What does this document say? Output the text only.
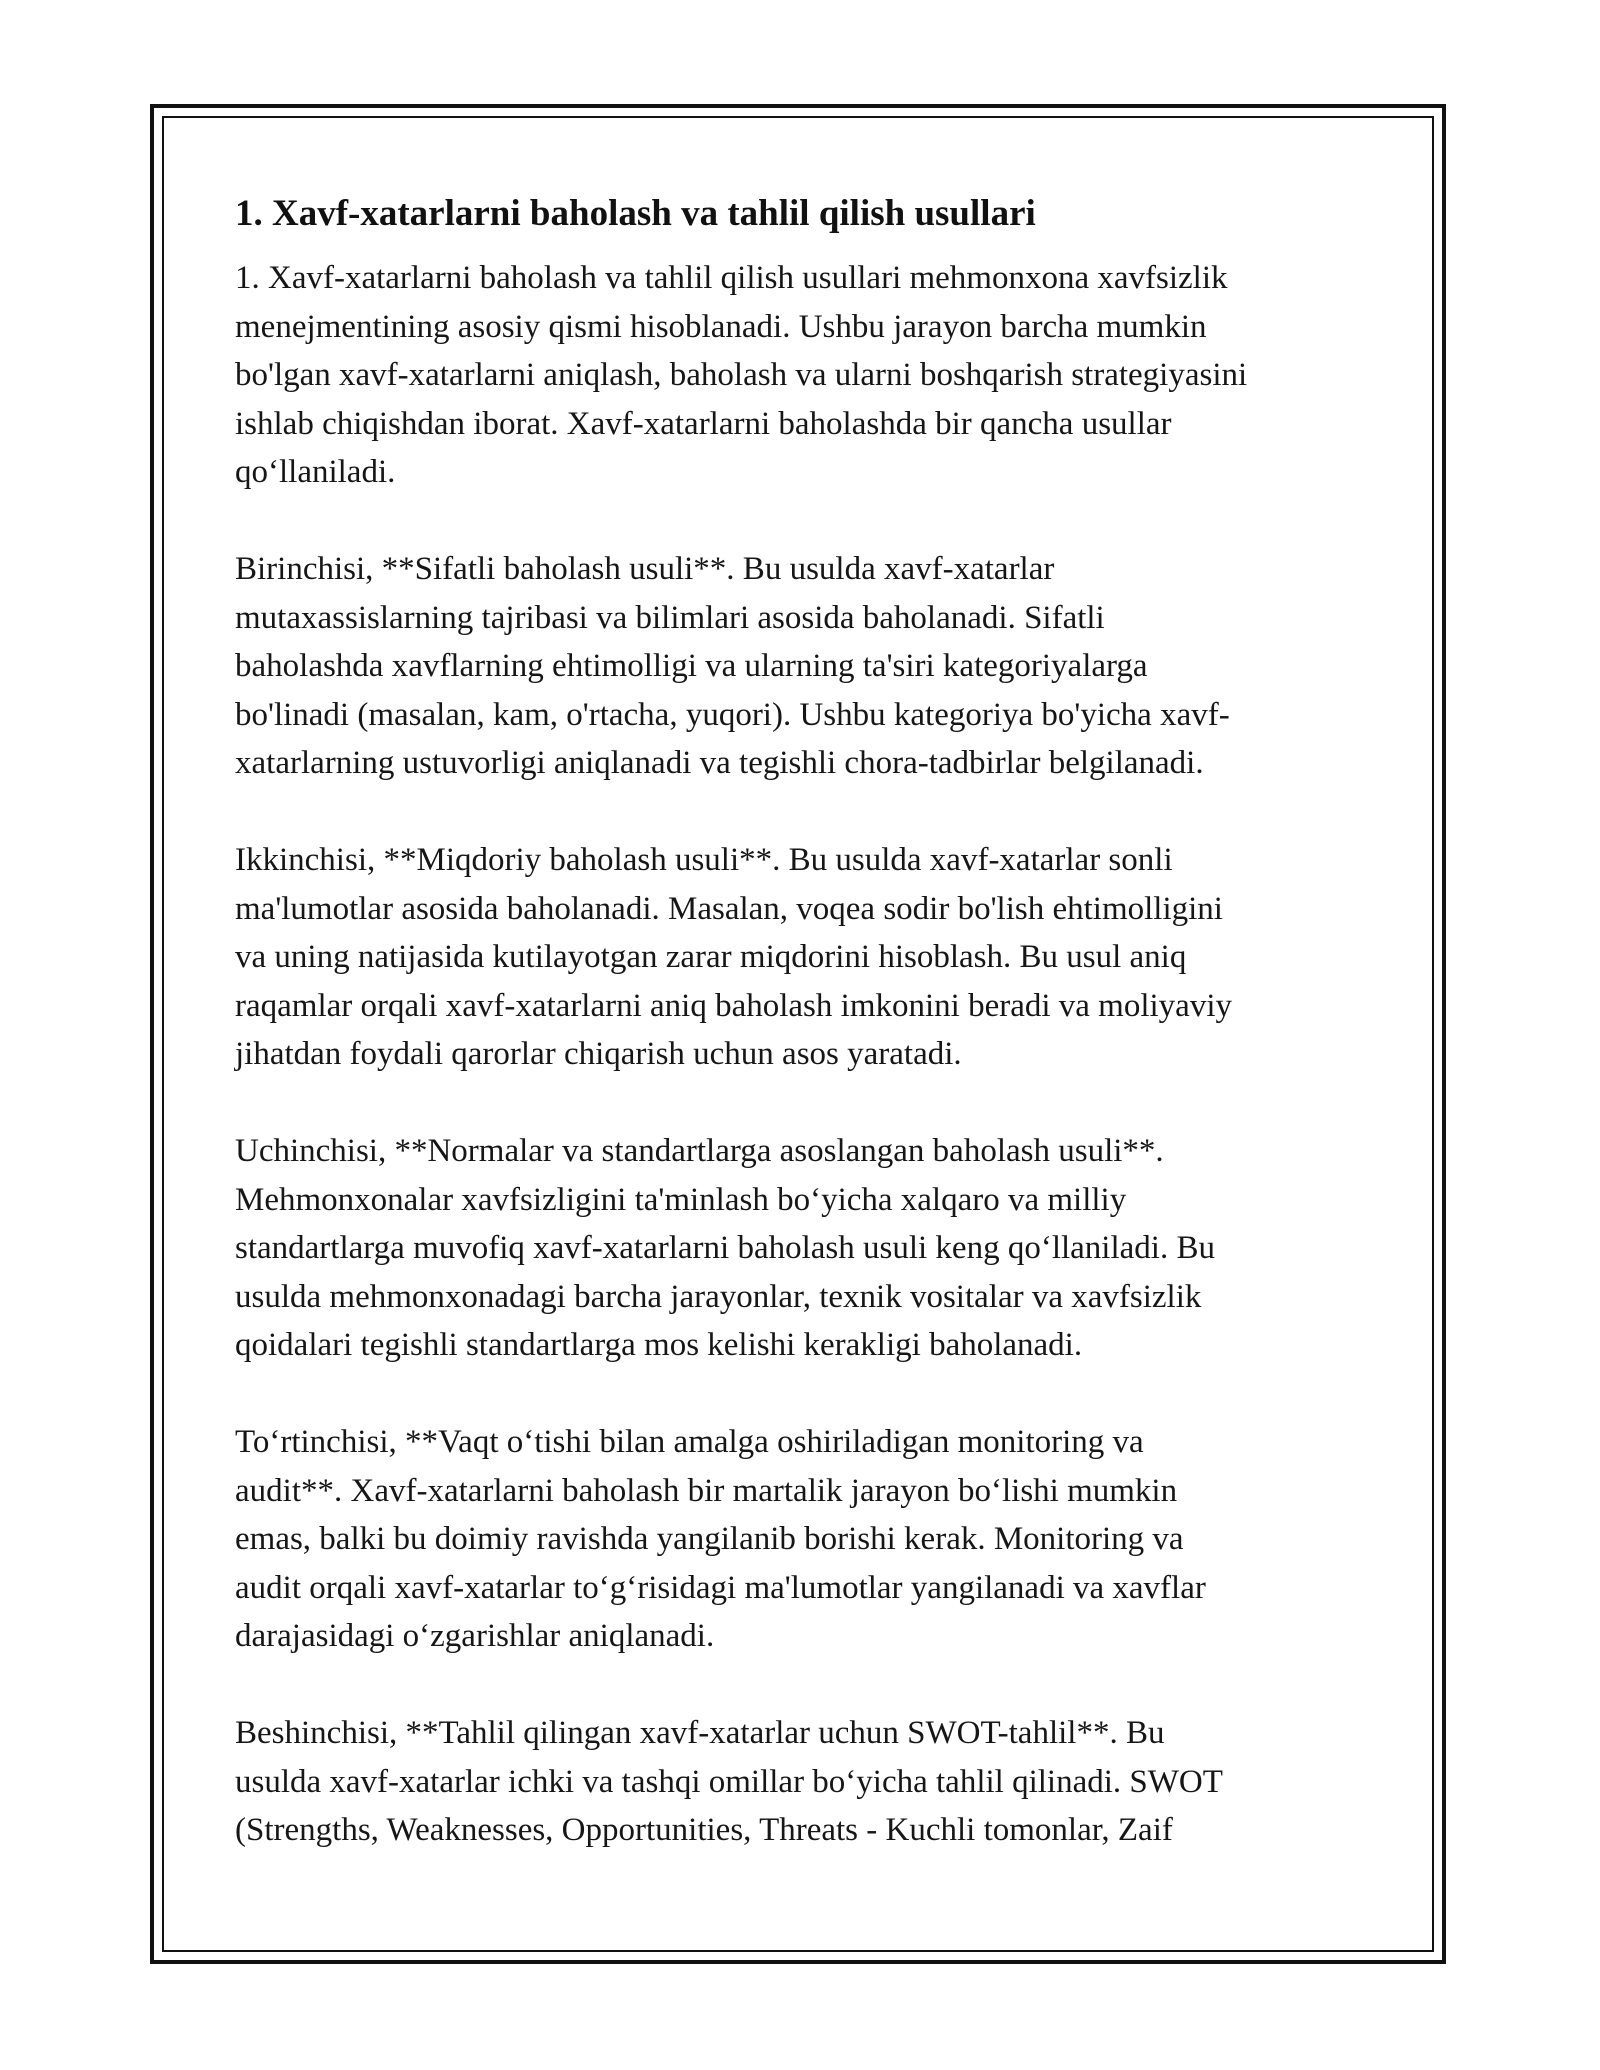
1. Xavf-xatarlarni baholash va tahlil qilish usullari

1. Xavf-xatarlarni baholash va tahlil qilish usullari mehmonxona xavfsizlik
menejmentining asosiy qismi hisoblanadi. Ushbu jarayon barcha mumkin
bo'lgan xavf-xatarlarni aniqlash, baholash va ularni boshqarish strategiyasini
ishlab chiqishdan iborat. Xavf-xatarlarni baholashda bir qancha usullar
qo‘llaniladi.

Birinchisi, **Sifatli baholash usuli**. Bu usulda xavf-xatarlar
mutaxassislarning tajribasi va bilimlari asosida baholanadi. Sifatli
baholashda xavflarning ehtimolligi va ularning ta'siri kategoriyalarga
bo'linadi (masalan, kam, o'rtacha, yuqori). Ushbu kategoriya bo'yicha xavf-
xatarlarning ustuvorligi aniqlanadi va tegishli chora-tadbirlar belgilanadi.

Ikkinchisi, **Miqdoriy baholash usuli**. Bu usulda xavf-xatarlar sonli
ma'lumotlar asosida baholanadi. Masalan, voqea sodir bo'lish ehtimolligini
va uning natijasida kutilayotgan zarar miqdorini hisoblash. Bu usul aniq
raqamlar orqali xavf-xatarlarni aniq baholash imkonini beradi va moliyaviy
jihatdan foydali qarorlar chiqarish uchun asos yaratadi.

Uchinchisi, **Normalar va standartlarga asoslangan baholash usuli**.
Mehmonxonalar xavfsizligini ta'minlash bo‘yicha xalqaro va milliy
standartlarga muvofiq xavf-xatarlarni baholash usuli keng qo‘llaniladi. Bu
usulda mehmonxonadagi barcha jarayonlar, texnik vositalar va xavfsizlik
qoidalari tegishli standartlarga mos kelishi kerakligi baholanadi.

To‘rtinchisi, **Vaqt o‘tishi bilan amalga oshiriladigan monitoring va
audit**. Xavf-xatarlarni baholash bir martalik jarayon bo‘lishi mumkin
emas, balki bu doimiy ravishda yangilanib borishi kerak. Monitoring va
audit orqali xavf-xatarlar to‘g‘risidagi ma'lumotlar yangilanadi va xavflar
darajasidagi o‘zgarishlar aniqlanadi.

Beshinchisi, **Tahlil qilingan xavf-xatarlar uchun SWOT-tahlil**. Bu
usulda xavf-xatarlar ichki va tashqi omillar bo‘yicha tahlil qilinadi. SWOT
(Strengths, Weaknesses, Opportunities, Threats - Kuchli tomonlar, Zaif
